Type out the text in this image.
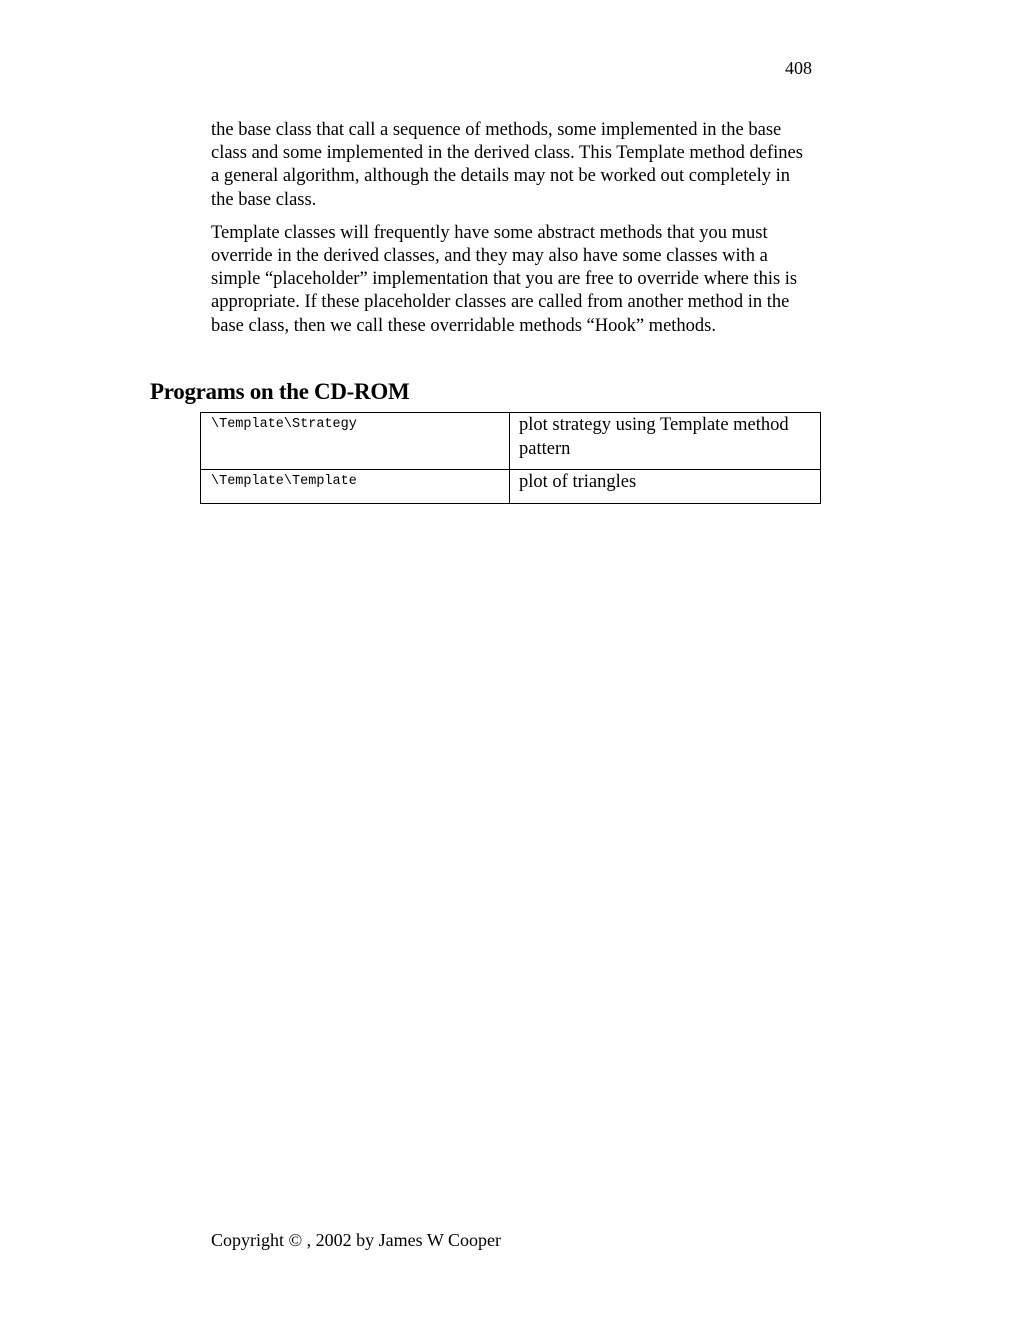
408

the base class that call a sequence of methods, some implemented in the base class and some implemented in the derived class. This Template method defines a general algorithm, although the details may not be worked out completely in the base class.

Template classes will frequently have some abstract methods that you must override in the derived classes, and they may also have some classes with a simple “placeholder” implementation that you are free to override where this is appropriate. If these placeholder classes are called from another method in the base class, then we call these overridable methods “Hook” methods.

Programs on the CD-ROM
\Template\Strategy	plot strategy using Template method pattern
\Template\Template	plot of triangles
Copyright © , 2002 by James W Cooper
